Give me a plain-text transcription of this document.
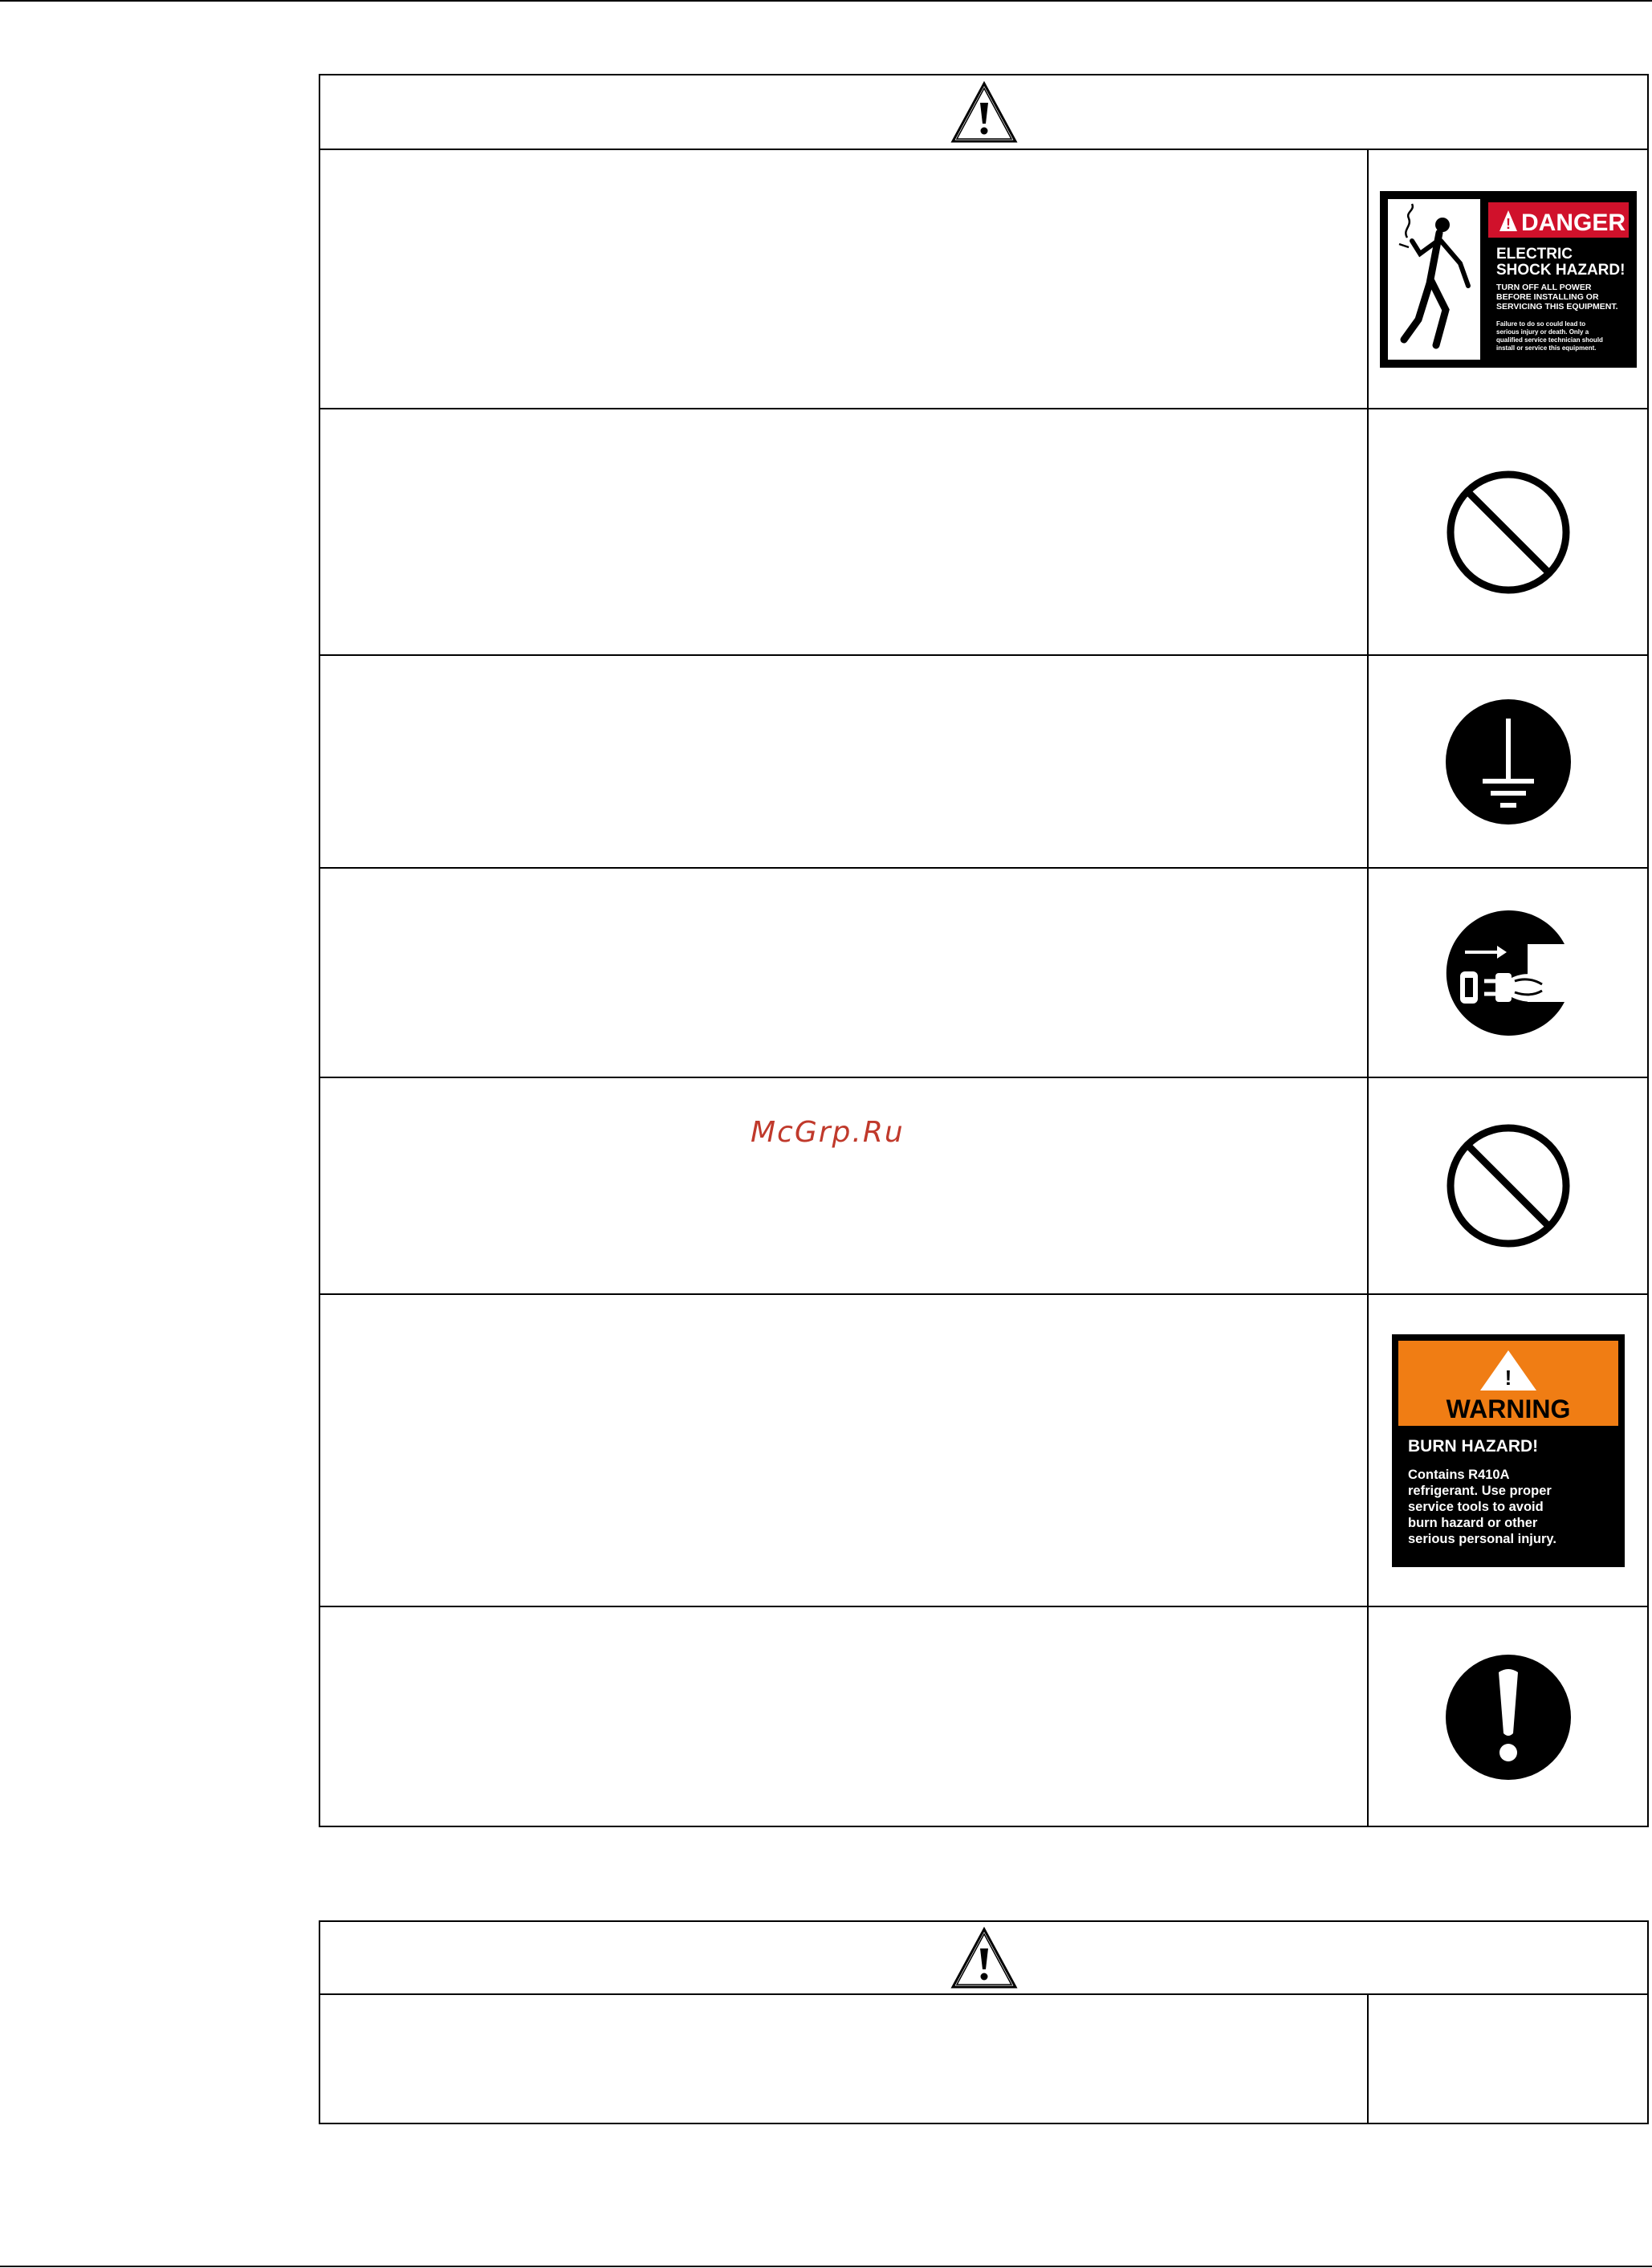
! DANGER
ELECTRIC
SHOCK HAZARD!
TURN OFF ALL POWER
BEFORE INSTALLING OR
SERVICING THIS EQUIPMENT.
Failure to do so could lead to
serious injury or death. Only a
qualified service technician should
install or service this equipment.
!
WARNING
BURN HAZARD!
Contains R410A
refrigerant. Use proper
service tools to avoid
burn hazard or other
serious personal injury.
McGrp.Ru
